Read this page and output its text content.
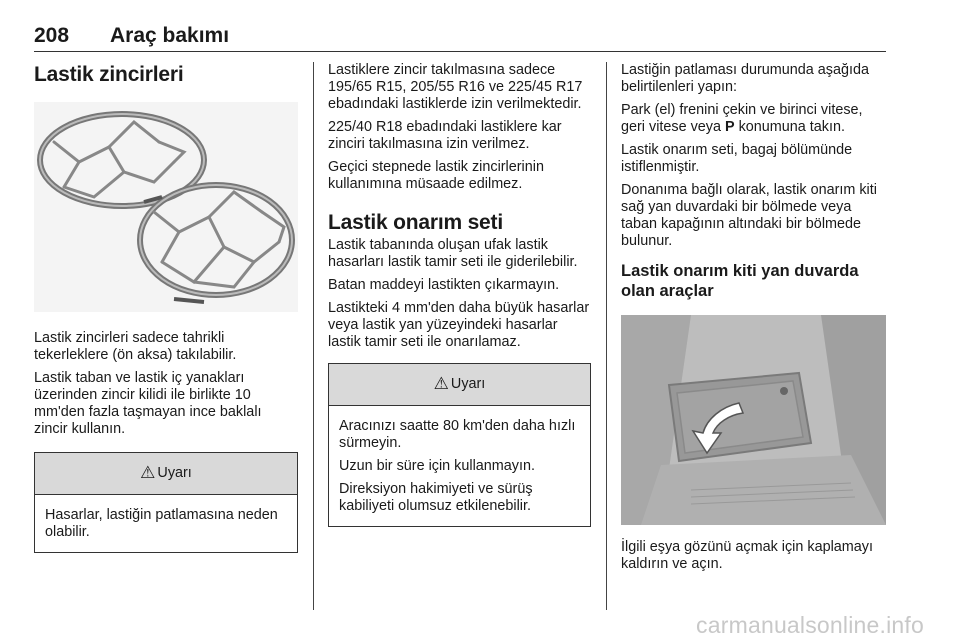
208 Araç bakımı
Lastik zincirleri
Lastik zincirleri sadece tahrikli tekerleklere (ön aksa) takılabilir.
Lastik taban ve lastik iç yanakları üzerinden zincir kilidi ile birlikte 10 mm'den fazla taşmayan ince baklalı zincir kullanın.
⚠ Uyarı
Hasarlar, lastiğin patlamasına neden olabilir.
Lastiklere zincir takılmasına sadece 195/65 R15, 205/55 R16 ve 225/45 R17 ebadındaki lastiklerde izin verilmektedir.
225/40 R18 ebadındaki lastiklere kar zinciri takılmasına izin verilmez.
Geçici stepnede lastik zincirlerinin kullanımına müsaade edilmez.
Lastik onarım seti
Lastik tabanında oluşan ufak lastik hasarları lastik tamir seti ile giderilebilir.
Batan maddeyi lastikten çıkarmayın.
Lastikteki 4 mm'den daha büyük hasarlar veya lastik yan yüzeyindeki hasarlar lastik tamir seti ile onarılamaz.
⚠ Uyarı
Aracınızı saatte 80 km'den daha hızlı sürmeyin.
Uzun bir süre için kullanmayın.
Direksiyon hakimiyeti ve sürüş kabiliyeti olumsuz etkilenebilir.
Lastiğin patlaması durumunda aşağıda belirtilenleri yapın:
Park (el) frenini çekin ve birinci vitese, geri vitese veya P konumuna takın.
Lastik onarım seti, bagaj bölümünde istiflenmiştir.
Donanıma bağlı olarak, lastik onarım kiti sağ yan duvardaki bir bölmede veya taban kapağının altındaki bir bölmede bulunur.
Lastik onarım kiti yan duvarda olan araçlar
İlgili eşya gözünü açmak için kaplamayı kaldırın ve açın.
carmanualsonline.info
